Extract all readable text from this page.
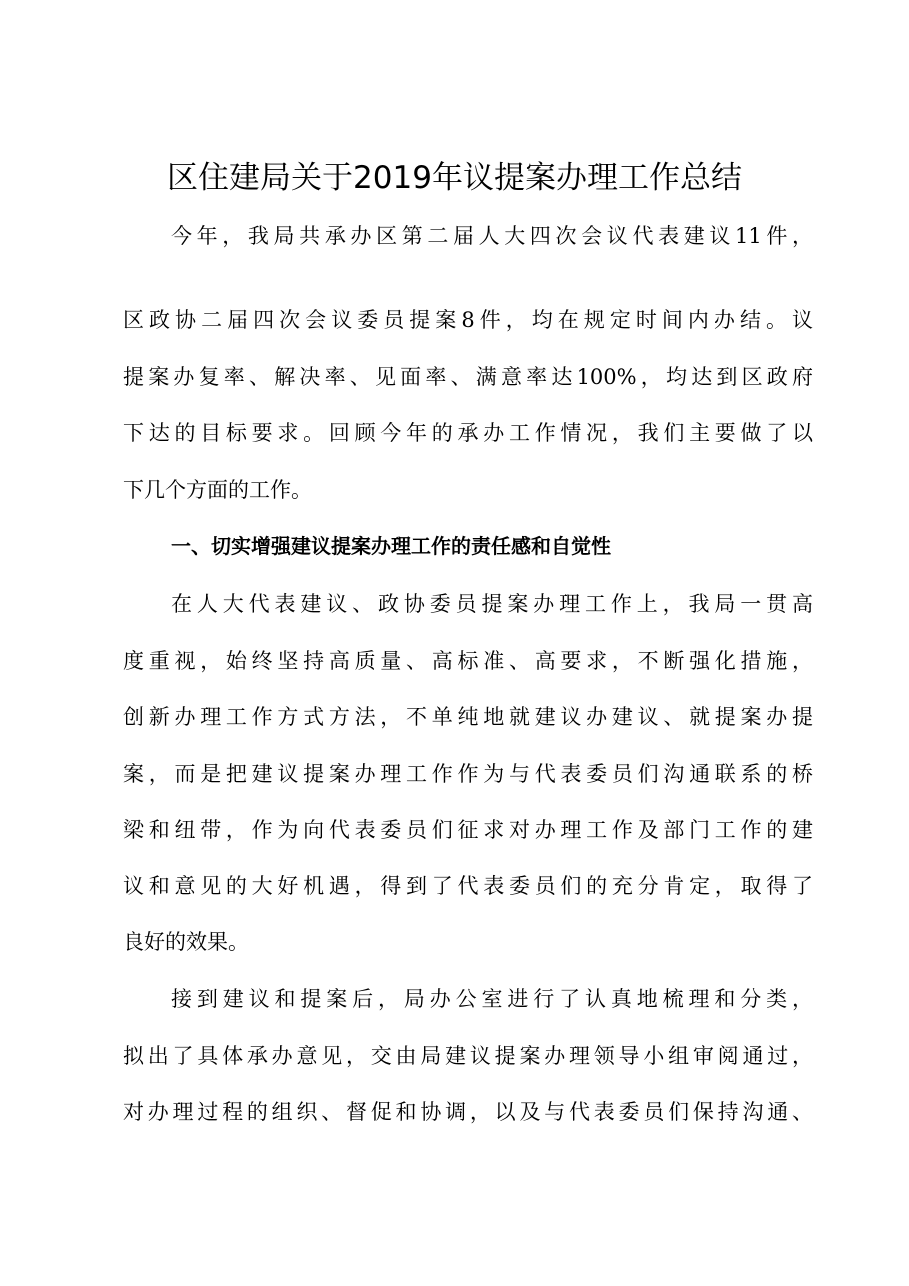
区住建局关于2019年议提案办理工作总结
今年，我局共承办区第二届人大四次会议代表建议11件，
区政协二届四次会议委员提案8件，均在规定时间内办结。议
提案办复率、解决率、见面率、满意率达100%，均达到区政府
下达的目标要求。回顾今年的承办工作情况，我们主要做了以
下几个方面的工作。
一、切实增强建议提案办理工作的责任感和自觉性
在人大代表建议、政协委员提案办理工作上，我局一贯高
度重视，始终坚持高质量、高标准、高要求，不断强化措施，
创新办理工作方式方法，不单纯地就建议办建议、就提案办提
案，而是把建议提案办理工作作为与代表委员们沟通联系的桥
梁和纽带，作为向代表委员们征求对办理工作及部门工作的建
议和意见的大好机遇，得到了代表委员们的充分肯定，取得了
良好的效果。
接到建议和提案后，局办公室进行了认真地梳理和分类，
拟出了具体承办意见，交由局建议提案办理领导小组审阅通过，
对办理过程的组织、督促和协调，以及与代表委员们保持沟通、
